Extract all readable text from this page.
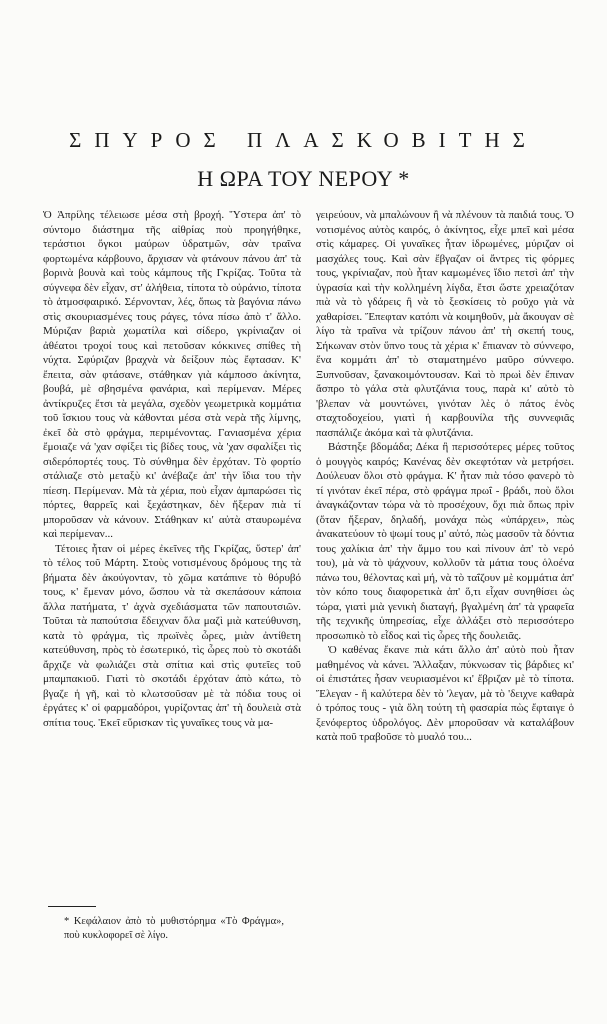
ΣΠΥΡΟΣ ΠΛΑΣΚΟΒΙΤΗΣ
Η ΩΡΑ ΤΟΥ ΝΕΡΟΥ *

Ὁ Ἀπρίλης τέλειωσε μέσα στὴ βροχή. Ὕστερα ἀπ' τὸ σύντομο διάστημα τῆς αἰθρίας ποὺ προηγήθηκε, τεράστιοι ὄγκοι μαύρων ὑδρατμῶν, σὰν τραῖνα φορτωμένα κάρβουνο, ἄρχισαν νὰ φτάνουν πάνου ἀπ' τὰ βορινὰ βουνὰ καὶ τοὺς κάμπους τῆς Γκρίζας. Τοῦτα τὰ σύγνεφα δὲν εἶχαν, στ' ἀλήθεια, τίποτα τὸ οὐράνιο, τίποτα τὸ ἀτμοσφαιρικό. Σέρνονταν, λές, ὅπως τὰ βαγόνια πάνω στὶς σκουριασμένες τους ράγες, τόνα πίσω ἀπὸ τ' ἄλλο. Μύριζαν βαριὰ χωματίλα καὶ σίδερο, γκρίνιαζαν οἱ ἀθέατοι τροχοί τους καὶ πετοῦσαν κόκκινες σπίθες τὴ νύχτα. Σφύριζαν βραχνὰ νὰ δείξουν πὼς ἔφτασαν. Κ' ἔπειτα, σὰν φτάσανε, στάθηκαν γιὰ κάμποσο ἀκίνητα, βουβά, μὲ σβησμένα φανάρια, καὶ περίμεναν. Μέρες ἀντίκρυζες ἔτσι τὰ μεγάλα, σχεδὸν γεωμετρικὰ κομμάτια τοῦ ἴσκιου τους νὰ κάθονται μέσα στὰ νερὰ τῆς λίμνης, ἐκεῖ δὰ στὸ φράγμα, περιμένοντας. Γανιασμένα χέρια ἔμοιαζε νά 'χαν σφίξει τὶς βίδες τους, νὰ 'χαν σφαλίξει τὶς σιδερόπορτές τους. Τὸ σύνθημα δὲν ἐρχόταν. Τὸ φορτίο στάλιαζε στὸ μεταξὺ κι' ἀνέβαζε ἀπ' τὴν ἴδια του τὴν πίεση. Περίμεναν. Μὰ τὰ χέρια, ποὺ εἶχαν ἀμπαρώσει τὶς πόρτες, θαρρεῖς καὶ ξεχάστηκαν, δὲν ἤξεραν πιὰ τί μποροῦσαν νὰ κάνουν. Στάθηκαν κι' αὐτὰ σταυρωμένα καὶ περίμεναν...

Τέτοιες ἦταν οἱ μέρες ἐκεῖνες τῆς Γκρίζας, ὕστερ' ἀπ' τὸ τέλος τοῦ Μάρτη. Στοὺς νοτισμένους δρόμους της τὰ βήματα δὲν ἀκούγονταν, τὸ χῶμα κατάπινε τὸ θόρυβό τους, κ' ἔμεναν μόνο, ὥσπου νὰ τὰ σκεπάσουν κάποια ἄλλα πατήματα, τ' ἀχνὰ σχεδιάσματα τῶν παπουτσιῶν. Τοῦται τὰ παπούτσια ἔδειχναν ὅλα μαζὶ μιὰ κατεύθυνση, κατὰ τὸ φράγμα, τὶς πρωϊνὲς ὧρες, μιὰν ἀντίθετη κατεύθυνση, πρὸς τὸ ἐσωτερικό, τὶς ὧρες ποὺ τὸ σκοτάδι ἄρχιζε νὰ φωλιάζει στὰ σπίτια καὶ στὶς φυτεῖες τοῦ μπαμπακιοῦ. Γιατὶ τὸ σκοτάδι ἐρχόταν ἀπὸ κάτω, τὸ βγαζε ἡ γῆ, καὶ τὸ κλωτσοῦσαν μὲ τὰ πόδια τους οἱ ἐργάτες κ' οἱ φαρμαδόροι, γυρίζοντας ἀπ' τὴ δουλειὰ στὰ σπίτια τους. Ἐκεῖ εὕρισκαν τὶς γυναῖκες τους νὰ μα-

γειρεύουν, νὰ μπαλώνουν ἢ νὰ πλένουν τὰ παιδιά τους. Ὁ νοτισμένος αὐτὸς καιρός, ὁ ἀκίνητος, εἶχε μπεῖ καὶ μέσα στὶς κάμαρες. Οἱ γυναῖκες ἦταν ἱδρωμένες, μύριζαν οἱ μασχάλες τους. Καὶ σὰν ἔβγαζαν οἱ ἄντρες τὶς φόρμες τους, γκρίνιαζαν, ποὺ ἦταν καμωμένες ἴδιο πετσὶ ἀπ' τὴν ὑγρασία καὶ τὴν κολλημένη λίγδα, ἔτσι ὥστε χρειαζόταν πιὰ νὰ τὸ γδάρεις ἢ νὰ τὸ ξεσκίσεις τὸ ροῦχο γιὰ νὰ χαθαρίσει. Ἔπεφταν κατόπι νὰ κοιμηθοῦν, μὰ ἄκουγαν σὲ λίγο τὰ τραῖνα νὰ τρίζουν πάνου ἀπ' τὴ σκεπή τους, Σήκωναν στὸν ὕπνο τους τὰ χέρια κ' ἔπιαναν τὸ σύννεφο, ἕνα κομμάτι ἀπ' τὸ σταματημένο μαῦρο σύννεφο. Ξυπνοῦσαν, ξανακοιμόντουσαν. Καὶ τὸ πρωὶ δὲν ἔπιναν ἄσπρο τὸ γάλα στὰ φλυτζάνια τους, παρὰ κι' αὐτὸ τὸ 'βλεπαν νὰ μουντώνει, γινόταν λὲς ὁ πάτος ἑνὸς σταχτοδοχείου, γιατὶ ἡ καρβουνίλα τῆς συννεφιᾶς πασπάλιζε ἀκόμα καὶ τὰ φλυτζάνια.

Βάστηξε βδομάδα; Δέκα ἢ περισσότερες μέρες τοῦτος ὁ μουγγὸς καιρός; Κανένας δὲν σκεφτόταν νὰ μετρήσει. Δούλευαν ὅλοι στὸ φράγμα. Κ' ἦταν πιὰ τόσο φανερὸ τὸ τί γινόταν ἐκεῖ πέρα, στὸ φράγμα πρωΐ - βράδι, ποὺ ὅλοι ἀναγκάζονταν τώρα νὰ τὸ προσέχουν, ὄχι πιὰ ὅπως πρὶν (ὅταν ἤξεραν, δηλαδή, μονάχα πὼς «ὑπάρχει», πὼς ἀνακατεύουν τὸ ψωμί τους μ' αὐτό, πὼς μασοῦν τὰ δόντια τους χαλίκια ἀπ' τὴν ἄμμο του καὶ πίνουν ἀπ' τὸ νερό του), μὰ νὰ τὸ ψάχνουν, κολλοῦν τὰ μάτια τους ὁλοένα πάνω του, θέλοντας καὶ μή, νὰ τὸ ταΐζουν μὲ κομμάτια ἀπ' τὸν κόπο τους διαφορετικὰ ἀπ' ὅ,τι εἶχαν συνηθίσει ὡς τώρα, γιατὶ μιὰ γενικὴ διαταγή, βγαλμένη ἀπ' τὰ γραφεῖα τῆς τεχνικῆς ὑπηρεσίας, εἶχε ἀλλάξει στὸ περισσότερο προσωπικὸ τὸ εἶδος καὶ τὶς ὧρες τῆς δουλειᾶς.

Ὁ καθένας ἔκανε πιὰ κάτι ἄλλο ἀπ' αὐτὸ ποὺ ἦταν μαθημένος νὰ κάνει. Ἄλλαξαν, πύκνωσαν τὶς βάρδιες κι' οἱ ἐπιστάτες ἦσαν νευριασμένοι κι' ἔβριζαν μὲ τὸ τίποτα. Ἔλεγαν - ἢ καλύτερα δὲν τὸ 'λεγαν, μὰ τὸ 'δειχνε καθαρὰ ὁ τρόπος τους - γιὰ ὅλη τούτη τὴ φασαρία πὼς ἔφταιγε ὁ ξενόφερτος ὑδρολόγος. Δὲν μποροῦσαν νὰ καταλάβουν κατὰ ποῦ τραβοῦσε τὸ μυαλό του...

* Κεφάλαιον ἀπὸ τὸ μυθιστόρημα «Τὸ Φράγμα», ποὺ κυκλοφορεῖ σὲ λίγο.
